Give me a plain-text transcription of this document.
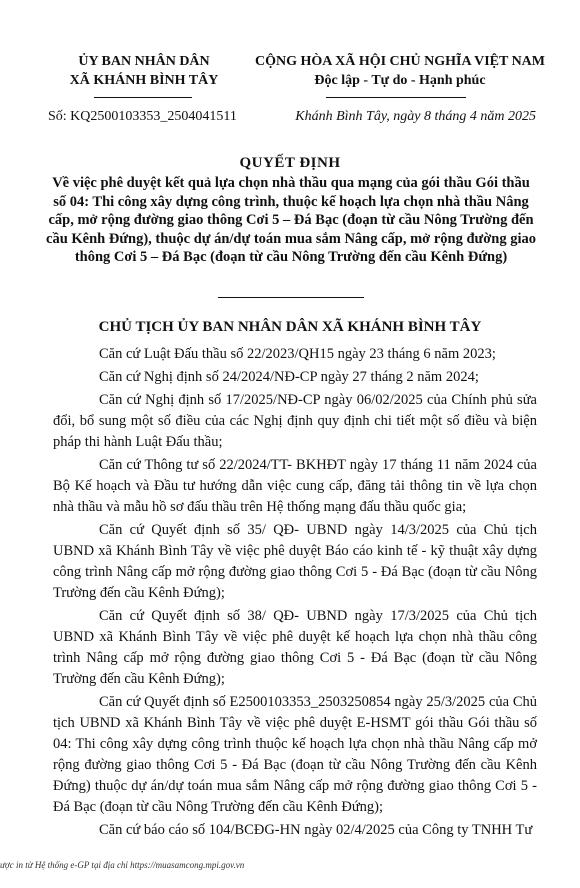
ỦY BAN NHÂN DÂN
XÃ KHÁNH BÌNH TÂY
CỘNG HÒA XÃ HỘI CHỦ NGHĨA VIỆT NAM
Độc lập - Tự do - Hạnh phúc
Số: KQ2500103353_2504041511	Khánh Bình Tây, ngày 8 tháng 4 năm 2025
QUYẾT ĐỊNH
Về việc phê duyệt kết quả lựa chọn nhà thầu qua mạng của gói thầu Gói thầu số 04: Thi công xây dựng công trình, thuộc kế hoạch lựa chọn nhà thầu Nâng cấp, mở rộng đường giao thông Cơi 5 – Đá Bạc (đoạn từ cầu Nông Trường đến cầu Kênh Đứng), thuộc dự án/dự toán mua sắm Nâng cấp, mở rộng đường giao thông Cơi 5 – Đá Bạc (đoạn từ cầu Nông Trường đến cầu Kênh Đứng)
CHỦ TỊCH ỦY BAN NHÂN DÂN XÃ KHÁNH BÌNH TÂY

Căn cứ Luật Đấu thầu số 22/2023/QH15 ngày 23 tháng 6 năm 2023;

Căn cứ Nghị định số 24/2024/NĐ-CP ngày 27 tháng 2 năm 2024;

Căn cứ Nghị định số 17/2025/NĐ-CP ngày 06/02/2025 của Chính phủ sửa đổi, bổ sung một số điều của các Nghị định quy định chi tiết một số điều và biện pháp thi hành Luật Đấu thầu;

Căn cứ Thông tư số 22/2024/TT- BKHĐT ngày 17 tháng 11 năm 2024 của Bộ Kế hoạch và Đầu tư hướng dẫn việc cung cấp, đăng tải thông tin về lựa chọn nhà thầu và mẫu hồ sơ đấu thầu trên Hệ thống mạng đấu thầu quốc gia;

Căn cứ Quyết định số 35/ QĐ- UBND ngày 14/3/2025 của Chủ tịch UBND xã Khánh Bình Tây về việc phê duyệt Báo cáo kinh tế - kỹ thuật xây dựng công trình Nâng cấp mở rộng đường giao thông Cơi 5 - Đá Bạc (đoạn từ cầu Nông Trường đến cầu Kênh Đứng);

Căn cứ Quyết định số 38/ QĐ- UBND ngày 17/3/2025 của Chủ tịch UBND xã Khánh Bình Tây về việc phê duyệt kế hoạch lựa chọn nhà thầu công trình Nâng cấp mở rộng đường giao thông Cơi 5 - Đá Bạc (đoạn từ cầu Nông Trường đến cầu Kênh Đứng);

Căn cứ Quyết định số E2500103353_2503250854 ngày 25/3/2025 của Chủ tịch UBND xã Khánh Bình Tây về việc phê duyệt E-HSMT gói thầu Gói thầu số 04: Thi công xây dựng công trình thuộc kế hoạch lựa chọn nhà thầu Nâng cấp mở rộng đường giao thông Cơi 5 - Đá Bạc (đoạn từ cầu Nông Trường đến cầu Kênh Đứng) thuộc dự án/dự toán mua sắm Nâng cấp mở rộng đường giao thông Cơi 5 - Đá Bạc (đoạn từ cầu Nông Trường đến cầu Kênh Đứng);

Căn cứ báo cáo số 104/BCĐG-HN ngày 02/4/2025 của Công ty TNHH Tư

ược in từ Hệ thống e-GP tại địa chỉ https://muasamcong.mpi.gov.vn
